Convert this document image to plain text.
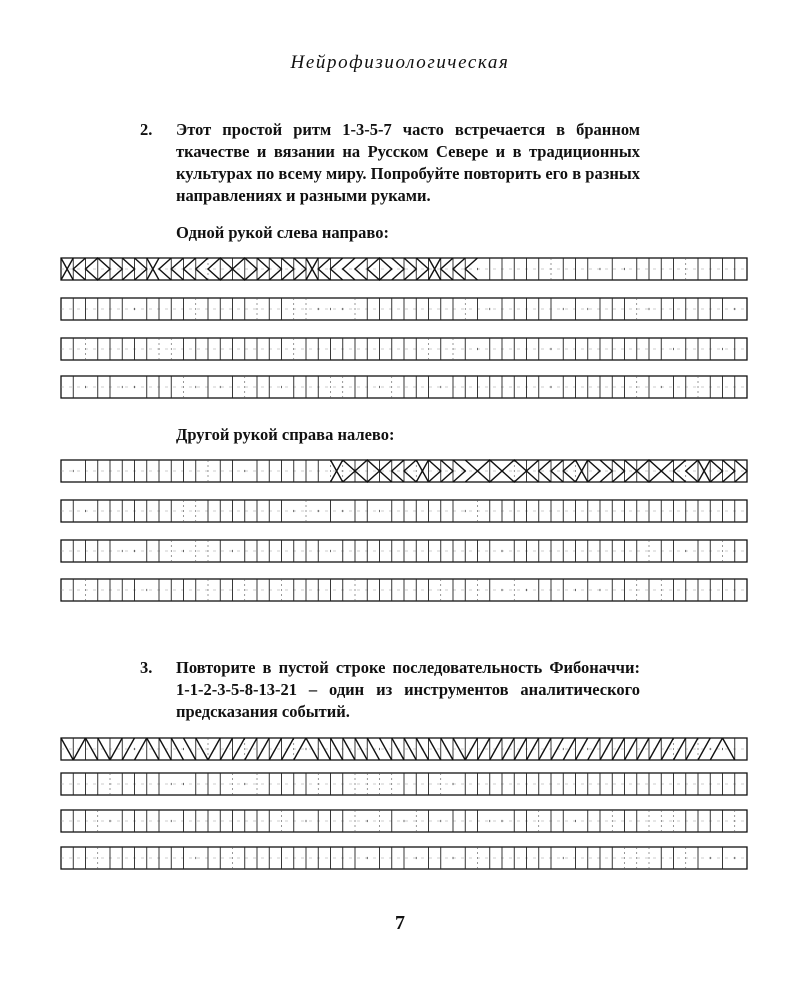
Нейрофизиологическая
2.	Этот простой ритм 1-3-5-7 часто встречается в бранном ткачестве и вязании на Русском Севере и в традиционных культурах по всему миру. Попробуйте повторить его в разных направлениях и разными руками.
Одной рукой слева направо:
Другой рукой справа налево:
3.	Повторите в пустой строке последовательность Фибоначчи: 1-1-2-3-5-8-13-21 – один из инструментов аналитического предсказания событий.
7
